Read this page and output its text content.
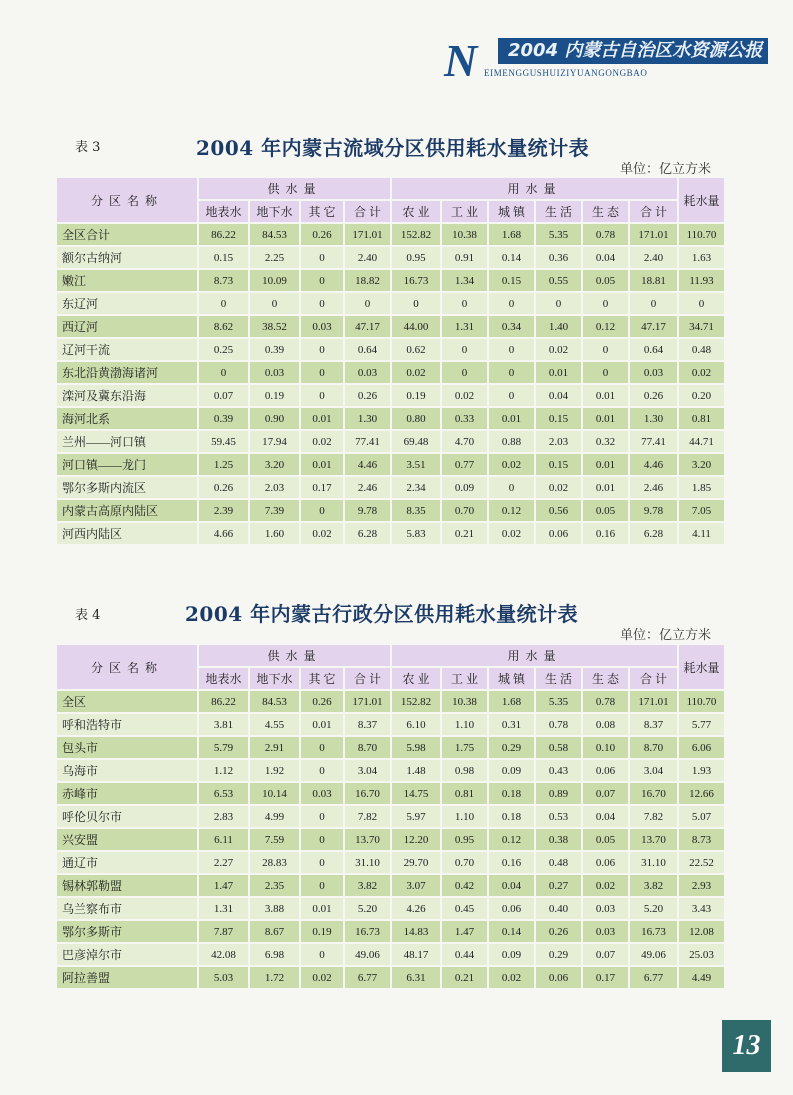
N	2004 内蒙古自治区水资源公报
EIMENGGUSHUIZIYUANGONGBAO
表 3	2004 年内蒙古流域分区供用耗水量统计表
单位：亿立方米
分区名称	供水量				用水量						耗水量
	地表水	地下水	其 它	合 计	农 业	工 业	城 镇	生 活	生 态	合 计	
全区合计	86.22	84.53	0.26	171.01	152.82	10.38	1.68	5.35	0.78	171.01	110.70
额尔古纳河	0.15	2.25	0	2.40	0.95	0.91	0.14	0.36	0.04	2.40	1.63
嫩江	8.73	10.09	0	18.82	16.73	1.34	0.15	0.55	0.05	18.81	11.93
东辽河	0	0	0	0	0	0	0	0	0	0	0
西辽河	8.62	38.52	0.03	47.17	44.00	1.31	0.34	1.40	0.12	47.17	34.71
辽河干流	0.25	0.39	0	0.64	0.62	0	0	0.02	0	0.64	0.48
东北沿黄渤海诸河	0	0.03	0	0.03	0.02	0	0	0.01	0	0.03	0.02
滦河及冀东沿海	0.07	0.19	0	0.26	0.19	0.02	0	0.04	0.01	0.26	0.20
海河北系	0.39	0.90	0.01	1.30	0.80	0.33	0.01	0.15	0.01	1.30	0.81
兰州——河口镇	59.45	17.94	0.02	77.41	69.48	4.70	0.88	2.03	0.32	77.41	44.71
河口镇——龙门	1.25	3.20	0.01	4.46	3.51	0.77	0.02	0.15	0.01	4.46	3.20
鄂尔多斯内流区	0.26	2.03	0.17	2.46	2.34	0.09	0	0.02	0.01	2.46	1.85
内蒙古高原内陆区	2.39	7.39	0	9.78	8.35	0.70	0.12	0.56	0.05	9.78	7.05
河西内陆区	4.66	1.60	0.02	6.28	5.83	0.21	0.02	0.06	0.16	6.28	4.11
表 4	2004 年内蒙古行政分区供用耗水量统计表
单位：亿立方米
分区名称	供水量				用水量						耗水量
	地表水	地下水	其 它	合 计	农 业	工 业	城 镇	生 活	生 态	合 计	
全区	86.22	84.53	0.26	171.01	152.82	10.38	1.68	5.35	0.78	171.01	110.70
呼和浩特市	3.81	4.55	0.01	8.37	6.10	1.10	0.31	0.78	0.08	8.37	5.77
包头市	5.79	2.91	0	8.70	5.98	1.75	0.29	0.58	0.10	8.70	6.06
乌海市	1.12	1.92	0	3.04	1.48	0.98	0.09	0.43	0.06	3.04	1.93
赤峰市	6.53	10.14	0.03	16.70	14.75	0.81	0.18	0.89	0.07	16.70	12.66
呼伦贝尔市	2.83	4.99	0	7.82	5.97	1.10	0.18	0.53	0.04	7.82	5.07
兴安盟	6.11	7.59	0	13.70	12.20	0.95	0.12	0.38	0.05	13.70	8.73
通辽市	2.27	28.83	0	31.10	29.70	0.70	0.16	0.48	0.06	31.10	22.52
锡林郭勒盟	1.47	2.35	0	3.82	3.07	0.42	0.04	0.27	0.02	3.82	2.93
乌兰察布市	1.31	3.88	0.01	5.20	4.26	0.45	0.06	0.40	0.03	5.20	3.43
鄂尔多斯市	7.87	8.67	0.19	16.73	14.83	1.47	0.14	0.26	0.03	16.73	12.08
巴彦淖尔市	42.08	6.98	0	49.06	48.17	0.44	0.09	0.29	0.07	49.06	25.03
阿拉善盟	5.03	1.72	0.02	6.77	6.31	0.21	0.02	0.06	0.17	6.77	4.49
13
